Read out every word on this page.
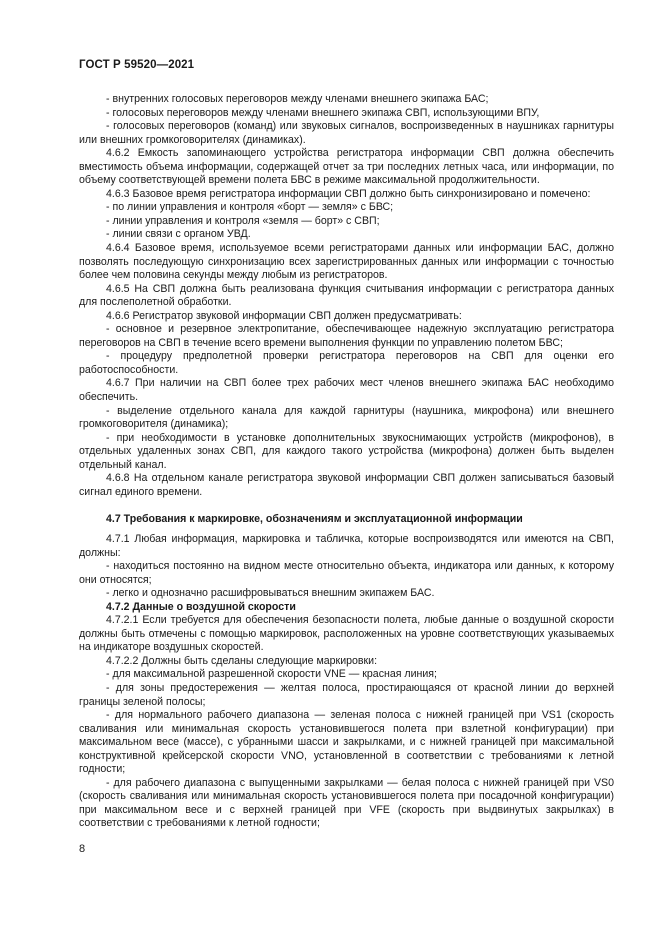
ГОСТ Р 59520—2021

- внутренних голосовых переговоров между членами внешнего экипажа БАС;

- голосовых переговоров между членами внешнего экипажа СВП, использующими ВПУ,

- голосовых переговоров (команд) или звуковых сигналов, воспроизведенных в наушниках гарнитуры или внешних громкоговорителях (динамиках).

4.6.2 Емкость запоминающего устройства регистратора информации СВП должна обеспечить вместимость объема информации, содержащей отчет за три последних летных часа, или информации, по объему соответствующей времени полета БВС в режиме максимальной продолжительности.

4.6.3 Базовое время регистратора информации СВП должно быть синхронизировано и помечено:

- по линии управления и контроля «борт — земля» с БВС;

- линии управления и контроля «земля — борт» с СВП;

- линии связи с органом УВД.

4.6.4 Базовое время, используемое всеми регистраторами данных или информации БАС, должно позволять последующую синхронизацию всех зарегистрированных данных или информации с точностью более чем половина секунды между любым из регистраторов.

4.6.5 На СВП должна быть реализована функция считывания информации с регистратора данных для послеполетной обработки.

4.6.6 Регистратор звуковой информации СВП должен предусматривать:

- основное и резервное электропитание, обеспечивающее надежную эксплуатацию регистратора переговоров на СВП в течение всего времени выполнения функции по управлению полетом БВС;

- процедуру предполетной проверки регистратора переговоров на СВП для оценки его работоспособности.

4.6.7 При наличии на СВП более трех рабочих мест членов внешнего экипажа БАС необходимо обеспечить.

- выделение отдельного канала для каждой гарнитуры (наушника, микрофона) или внешнего громкоговорителя (динамика);

- при необходимости в установке дополнительных звукоснимающих устройств (микрофонов), в отдельных удаленных зонах СВП, для каждого такого устройства (микрофона) должен быть выделен отдельный канал.

4.6.8 На отдельном канале регистратора звуковой информации СВП должен записываться базовый сигнал единого времени.

4.7 Требования к маркировке, обозначениям и эксплуатационной информации

4.7.1 Любая информация, маркировка и табличка, которые воспроизводятся или имеются на СВП, должны:

- находиться постоянно на видном месте относительно объекта, индикатора или данных, к которому они относятся;

- легко и однозначно расшифровываться внешним экипажем БАС.

4.7.2 Данные о воздушной скорости

4.7.2.1 Если требуется для обеспечения безопасности полета, любые данные о воздушной скорости должны быть отмечены с помощью маркировок, расположенных на уровне соответствующих указываемых на индикаторе воздушных скоростей.

4.7.2.2 Должны быть сделаны следующие маркировки:

- для максимальной разрешенной скорости VNE — красная линия;

- для зоны предостережения — желтая полоса, простирающаяся от красной линии до верхней границы зеленой полосы;

- для нормального рабочего диапазона — зеленая полоса с нижней границей при VS1 (скорость сваливания или минимальная скорость установившегося полета при взлетной конфигурации) при максимальном весе (массе), с убранными шасси и закрылками, и с нижней границей при максимальной конструктивной крейсерской скорости VNO, установленной в соответствии с требованиями к летной годности;

- для рабочего диапазона с выпущенными закрылками — белая полоса с нижней границей при VS0 (скорость сваливания или минимальная скорость установившегося полета при посадочной конфигурации) при максимальном весе и с верхней границей при VFE (скорость при выдвинутых закрылках) в соответствии с требованиями к летной годности;

8
